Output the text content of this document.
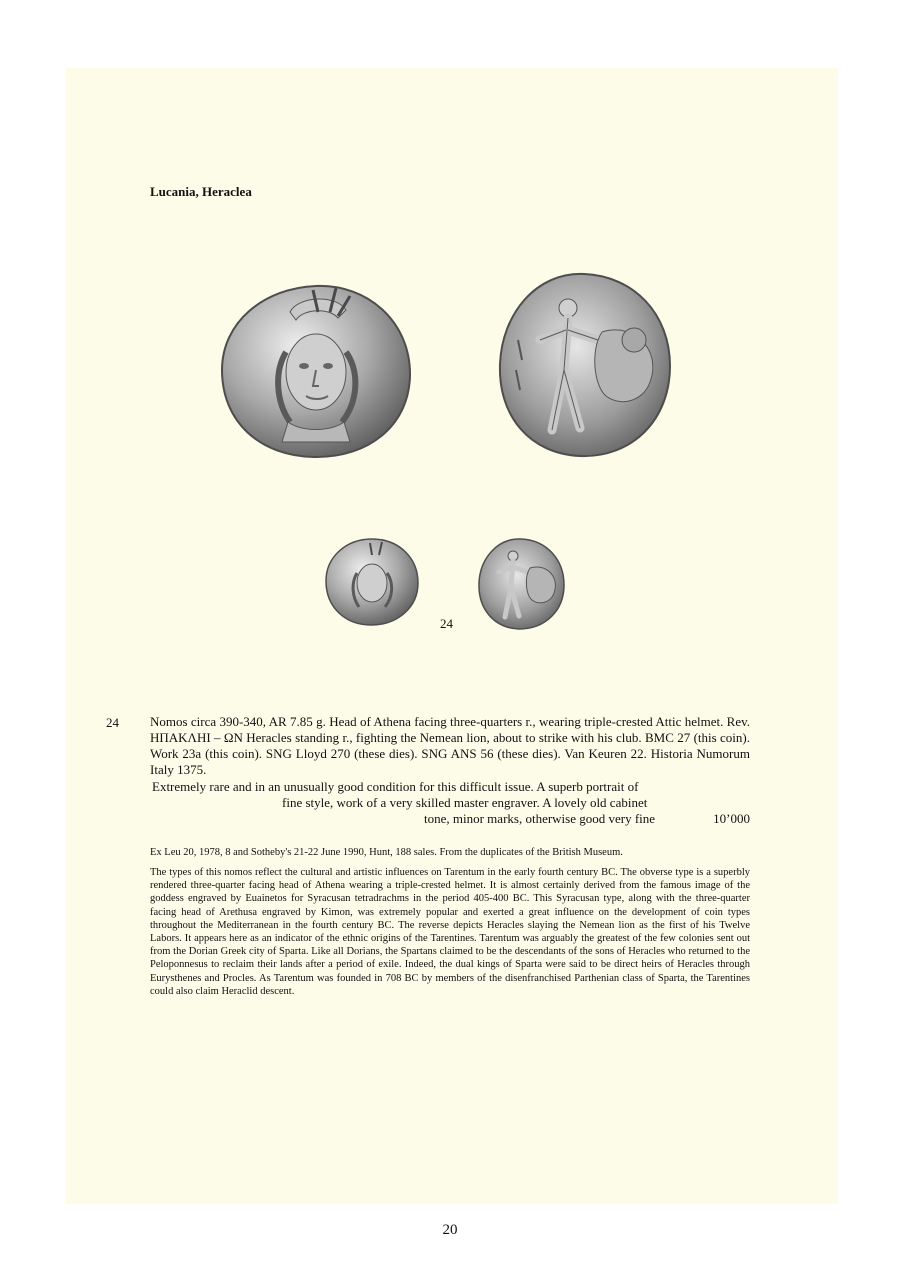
Lucania, Heraclea
24
24 Nomos circa 390-340, AR 7.85 g. Head of Athena facing three-quarters r., wearing triple-crested Attic helmet. Rev. ΗΠΑΚΛΗΙ – ΩΝ Heracles standing r., fighting the Nemean lion, about to strike with his club. BMC 27 (this coin). Work 23a (this coin). SNG Lloyd 270 (these dies). SNG ANS 56 (these dies). Van Keuren 22. Historia Numorum Italy 1375.
Extremely rare and in an unusually good condition for this difficult issue. A superb portrait of
fine style, work of a very skilled master engraver. A lovely old cabinet
tone, minor marks, otherwise good very fine	10’000
Ex Leu 20, 1978, 8 and Sotheby's 21-22 June 1990, Hunt, 188 sales. From the duplicates of the British Museum.
The types of this nomos reflect the cultural and artistic influences on Tarentum in the early fourth century BC. The obverse type is a superbly rendered three-quarter facing head of Athena wearing a triple-crested helmet. It is almost certainly derived from the famous image of the goddess engraved by Euainetos for Syracusan tetradrachms in the period 405-400 BC. This Syracusan type, along with the three-quarter facing head of Arethusa engraved by Kimon, was extremely popular and exerted a great influence on the development of coin types throughout the Mediterranean in the fourth century BC. The reverse depicts Heracles slaying the Nemean lion as the first of his Twelve Labors. It appears here as an indicator of the ethnic origins of the Tarentines. Tarentum was arguably the greatest of the few colonies sent out from the Dorian Greek city of Sparta. Like all Dorians, the Spartans claimed to be the descendants of the sons of Heracles who returned to the Peloponnesus to reclaim their lands after a period of exile. Indeed, the dual kings of Sparta were said to be direct heirs of Heracles through Eurysthenes and Procles. As Tarentum was founded in 708 BC by members of the disenfranchised Parthenian class of Sparta, the Tarentines could also claim Heraclid descent.
20
